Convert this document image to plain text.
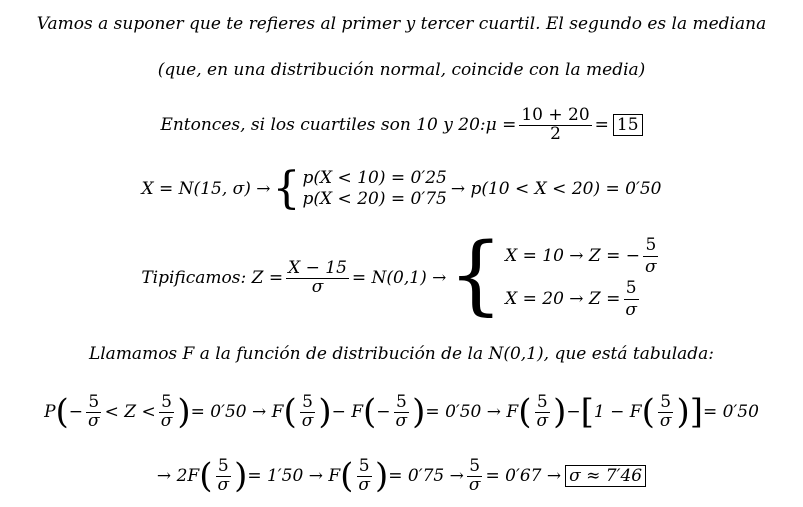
Vamos a suponer que te refieres al primer y tercer cuartil. El segundo es la mediana
(que, en una distribución normal, coincide con la media)
Entonces, si los cuartiles son 10 y 20: $\mu = \frac{10 + 20}{2} = 15$
X = N(15, σ) → { p(X < 10) = 0′25
p(X < 20) = 0′75 → p(10 < X < 20) = 0′50
Tipificamos: $Z = \frac{X - 15}{\sigma} = N(0,1)$ → { X = 10 → Z = − $\frac{5}{\sigma}$
$X = 20 \to Z = \frac{5}{\sigma}$
Llamamos F a la función de distribución de la N(0,1), que está tabulada:
P ( − $\frac{5}{\sigma} < Z < \frac{5}{\sigma}$ ) = 0′50 → F ( $\frac{5}{\sigma}$ ) − F ( − $\frac{5}{\sigma}$ ) = 0′50 → F ( $\frac{5}{\sigma}$ ) − [ 1 − F ( $\frac{5}{\sigma}$ ) ] = 0′50
→ 2F ( $\frac{5}{\sigma}$ ) = 1′50 → F ( $\frac{5}{\sigma}$ ) = $0'75 \to \frac{5}{\sigma} = 0'67 \to \sigma \approx 7'46$
